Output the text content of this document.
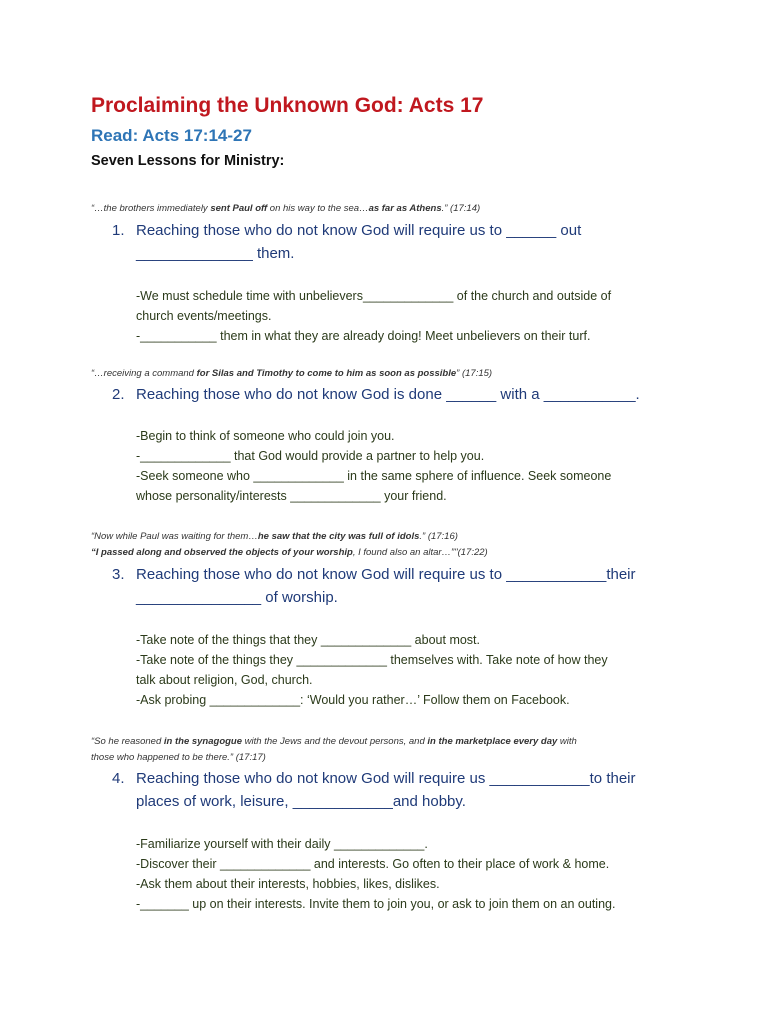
Proclaiming the Unknown God: Acts 17
Read: Acts 17:14-27
Seven Lessons for Ministry:
“…the brothers immediately sent Paul off on his way to the sea…as far as Athens.” (17:14)
1. Reaching those who do not know God will require us to ______ out
______________ them.
-We must schedule time with unbelievers_____________ of the church and outside of
church events/meetings.
-___________ them in what they are already doing! Meet unbelievers on their turf.
“…receiving a command for Silas and Timothy to come to him as soon as possible” (17:15)
2. Reaching those who do not know God is done ______ with a ___________.
-Begin to think of someone who could join you.
-_____________ that God would provide a partner to help you.
-Seek someone who _____________ in the same sphere of influence. Seek someone
whose personality/interests _____________ your friend.
“Now while Paul was waiting for them…he saw that the city was full of idols.” (17:16)
“I passed along and observed the objects of your worship, I found also an altar…”"(17:22)
3. Reaching those who do not know God will require us to ____________their
_______________ of worship.
-Take note of the things that they _____________ about most.
-Take note of the things they _____________ themselves with. Take note of how they
talk about religion, God, church.
-Ask probing _____________: ‘Would you rather…’ Follow them on Facebook.
“So he reasoned in the synagogue with the Jews and the devout persons, and in the marketplace every day with
those who happened to be there.” (17:17)
4. Reaching those who do not know God will require us ____________to their
places of work, leisure, ____________and hobby.
-Familiarize yourself with their daily _____________.
-Discover their _____________ and interests. Go often to their place of work & home.
-Ask them about their interests, hobbies, likes, dislikes.
-_______ up on their interests. Invite them to join you, or ask to join them on an outing.
